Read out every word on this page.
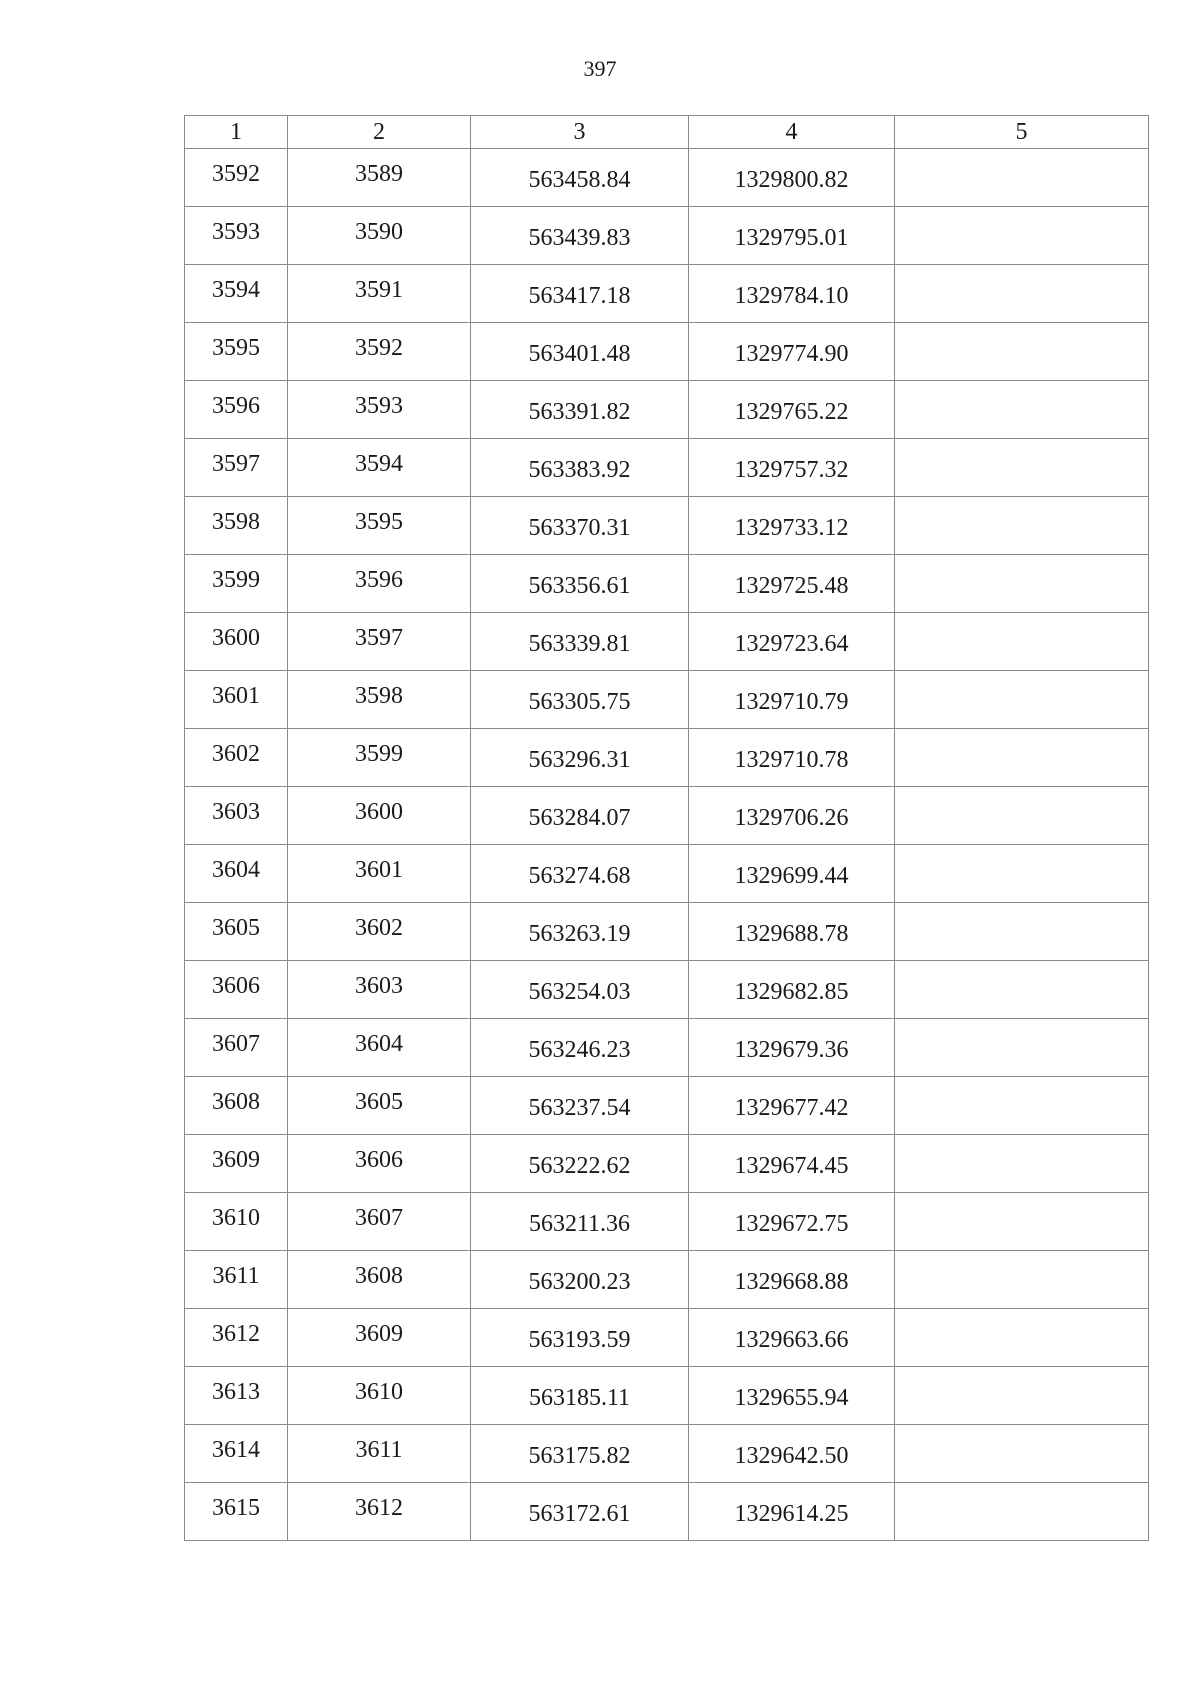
397
1	2	3	4	5
3592	3589	563458.84	1329800.82	
3593	3590	563439.83	1329795.01	
3594	3591	563417.18	1329784.10	
3595	3592	563401.48	1329774.90	
3596	3593	563391.82	1329765.22	
3597	3594	563383.92	1329757.32	
3598	3595	563370.31	1329733.12	
3599	3596	563356.61	1329725.48	
3600	3597	563339.81	1329723.64	
3601	3598	563305.75	1329710.79	
3602	3599	563296.31	1329710.78	
3603	3600	563284.07	1329706.26	
3604	3601	563274.68	1329699.44	
3605	3602	563263.19	1329688.78	
3606	3603	563254.03	1329682.85	
3607	3604	563246.23	1329679.36	
3608	3605	563237.54	1329677.42	
3609	3606	563222.62	1329674.45	
3610	3607	563211.36	1329672.75	
3611	3608	563200.23	1329668.88	
3612	3609	563193.59	1329663.66	
3613	3610	563185.11	1329655.94	
3614	3611	563175.82	1329642.50	
3615	3612	563172.61	1329614.25	
